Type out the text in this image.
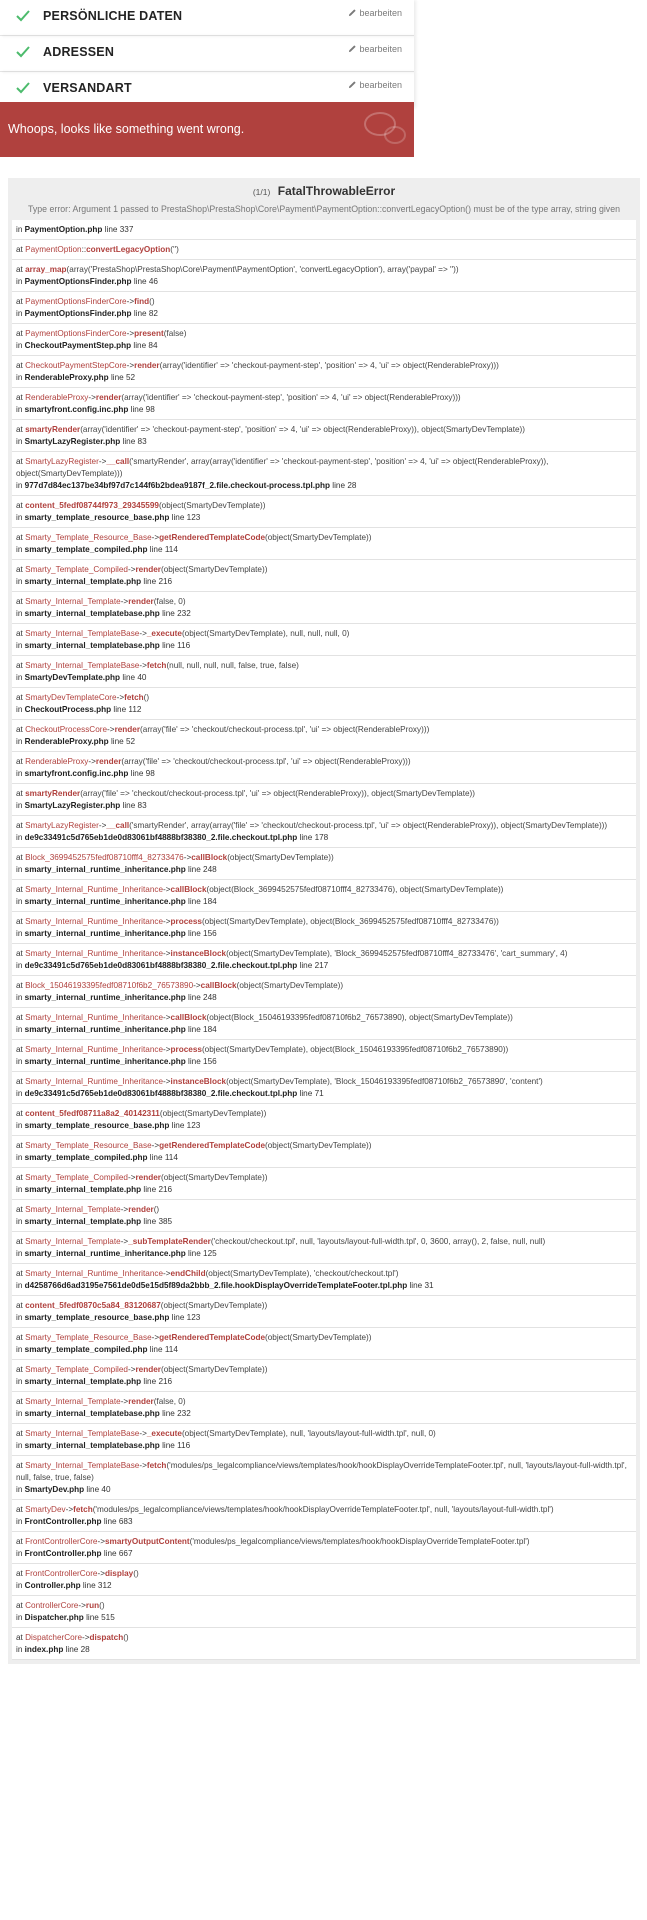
PERSÖNLICHE DATEN	bearbeiten
ADRESSEN	bearbeiten
VERSANDART	bearbeiten
Whoops, looks like something went wrong.
(1/1) FatalThrowableError
Type error: Argument 1 passed to PrestaShop\PrestaShop\Core\Payment\PaymentOption::convertLegacyOption() must be of the type array, string given
in PaymentOption.php line 337
at PaymentOption::convertLegacyOption('')
at array_map(array('PrestaShop\PrestaShop\Core\Payment\PaymentOption', 'convertLegacyOption'), array('paypal' => ''))
in PaymentOptionsFinder.php line 46
at PaymentOptionsFinderCore->find()
in PaymentOptionsFinder.php line 82
at PaymentOptionsFinderCore->present(false)
in CheckoutPaymentStep.php line 84
at CheckoutPaymentStepCore->render(array('identifier' => 'checkout-payment-step', 'position' => 4, 'ui' => object(RenderableProxy)))
in RenderableProxy.php line 52
at RenderableProxy->render(array('identifier' => 'checkout-payment-step', 'position' => 4, 'ui' => object(RenderableProxy)))
in smartyfront.config.inc.php line 98
at smartyRender(array('identifier' => 'checkout-payment-step', 'position' => 4, 'ui' => object(RenderableProxy)), object(SmartyDevTemplate))
in SmartyLazyRegister.php line 83
at SmartyLazyRegister->__call('smartyRender', array(array('identifier' => 'checkout-payment-step', 'position' => 4, 'ui' => object(RenderableProxy)), object(SmartyDevTemplate)))
in 977d7d84ec137be34bf97d7c144f6b2bdea9187f_2.file.checkout-process.tpl.php line 28
at content_5fedf08744f973_29345599(object(SmartyDevTemplate))
in smarty_template_resource_base.php line 123
at Smarty_Template_Resource_Base->getRenderedTemplateCode(object(SmartyDevTemplate))
in smarty_template_compiled.php line 114
at Smarty_Template_Compiled->render(object(SmartyDevTemplate))
in smarty_internal_template.php line 216
at Smarty_Internal_Template->render(false, 0)
in smarty_internal_templatebase.php line 232
at Smarty_Internal_TemplateBase->_execute(object(SmartyDevTemplate), null, null, null, 0)
in smarty_internal_templatebase.php line 116
at Smarty_Internal_TemplateBase->fetch(null, null, null, null, false, true, false)
in SmartyDevTemplate.php line 40
at SmartyDevTemplateCore->fetch()
in CheckoutProcess.php line 112
at CheckoutProcessCore->render(array('file' => 'checkout/checkout-process.tpl', 'ui' => object(RenderableProxy)))
in RenderableProxy.php line 52
at RenderableProxy->render(array('file' => 'checkout/checkout-process.tpl', 'ui' => object(RenderableProxy)))
in smartyfront.config.inc.php line 98
at smartyRender(array('file' => 'checkout/checkout-process.tpl', 'ui' => object(RenderableProxy)), object(SmartyDevTemplate))
in SmartyLazyRegister.php line 83
at SmartyLazyRegister->__call('smartyRender', array(array('file' => 'checkout/checkout-process.tpl', 'ui' => object(RenderableProxy)), object(SmartyDevTemplate)))
in de9c33491c5d765eb1de0d83061bf4888bf38380_2.file.checkout.tpl.php line 178
at Block_3699452575fedf08710fff4_82733476->callBlock(object(SmartyDevTemplate))
in smarty_internal_runtime_inheritance.php line 248
at Smarty_Internal_Runtime_Inheritance->callBlock(object(Block_3699452575fedf08710fff4_82733476), object(SmartyDevTemplate))
in smarty_internal_runtime_inheritance.php line 184
at Smarty_Internal_Runtime_Inheritance->process(object(SmartyDevTemplate), object(Block_3699452575fedf08710fff4_82733476))
in smarty_internal_runtime_inheritance.php line 156
at Smarty_Internal_Runtime_Inheritance->instanceBlock(object(SmartyDevTemplate), 'Block_3699452575fedf08710fff4_82733476', 'cart_summary', 4)
in de9c33491c5d765eb1de0d83061bf4888bf38380_2.file.checkout.tpl.php line 217
at Block_15046193395fedf08710f6b2_76573890->callBlock(object(SmartyDevTemplate))
in smarty_internal_runtime_inheritance.php line 248
at Smarty_Internal_Runtime_Inheritance->callBlock(object(Block_15046193395fedf08710f6b2_76573890), object(SmartyDevTemplate))
in smarty_internal_runtime_inheritance.php line 184
at Smarty_Internal_Runtime_Inheritance->process(object(SmartyDevTemplate), object(Block_15046193395fedf08710f6b2_76573890))
in smarty_internal_runtime_inheritance.php line 156
at Smarty_Internal_Runtime_Inheritance->instanceBlock(object(SmartyDevTemplate), 'Block_15046193395fedf08710f6b2_76573890', 'content')
in de9c33491c5d765eb1de0d83061bf4888bf38380_2.file.checkout.tpl.php line 71
at content_5fedf08711a8a2_40142311(object(SmartyDevTemplate))
in smarty_template_resource_base.php line 123
at Smarty_Template_Resource_Base->getRenderedTemplateCode(object(SmartyDevTemplate))
in smarty_template_compiled.php line 114
at Smarty_Template_Compiled->render(object(SmartyDevTemplate))
in smarty_internal_template.php line 216
at Smarty_Internal_Template->render()
in smarty_internal_template.php line 385
at Smarty_Internal_Template->_subTemplateRender('checkout/checkout.tpl', null, 'layouts/layout-full-width.tpl', 0, 3600, array(), 2, false, null, null)
in smarty_internal_runtime_inheritance.php line 125
at Smarty_Internal_Runtime_Inheritance->endChild(object(SmartyDevTemplate), 'checkout/checkout.tpl')
in d4258766d6ad3195e7561de0d5e15d5f89da2bbb_2.file.hookDisplayOverrideTemplateFooter.tpl.php line 31
at content_5fedf0870c5a84_83120687(object(SmartyDevTemplate))
in smarty_template_resource_base.php line 123
at Smarty_Template_Resource_Base->getRenderedTemplateCode(object(SmartyDevTemplate))
in smarty_template_compiled.php line 114
at Smarty_Template_Compiled->render(object(SmartyDevTemplate))
in smarty_internal_template.php line 216
at Smarty_Internal_Template->render(false, 0)
in smarty_internal_templatebase.php line 232
at Smarty_Internal_TemplateBase->_execute(object(SmartyDevTemplate), null, 'layouts/layout-full-width.tpl', null, 0)
in smarty_internal_templatebase.php line 116
at Smarty_Internal_TemplateBase->fetch('modules/ps_legalcompliance/views/templates/hook/hookDisplayOverrideTemplateFooter.tpl', null, 'layouts/layout-full-width.tpl', null, false, true, false)
in SmartyDev.php line 40
at SmartyDev->fetch('modules/ps_legalcompliance/views/templates/hook/hookDisplayOverrideTemplateFooter.tpl', null, 'layouts/layout-full-width.tpl')
in FrontController.php line 683
at FrontControllerCore->smartyOutputContent('modules/ps_legalcompliance/views/templates/hook/hookDisplayOverrideTemplateFooter.tpl')
in FrontController.php line 667
at FrontControllerCore->display()
in Controller.php line 312
at ControllerCore->run()
in Dispatcher.php line 515
at DispatcherCore->dispatch()
in index.php line 28
